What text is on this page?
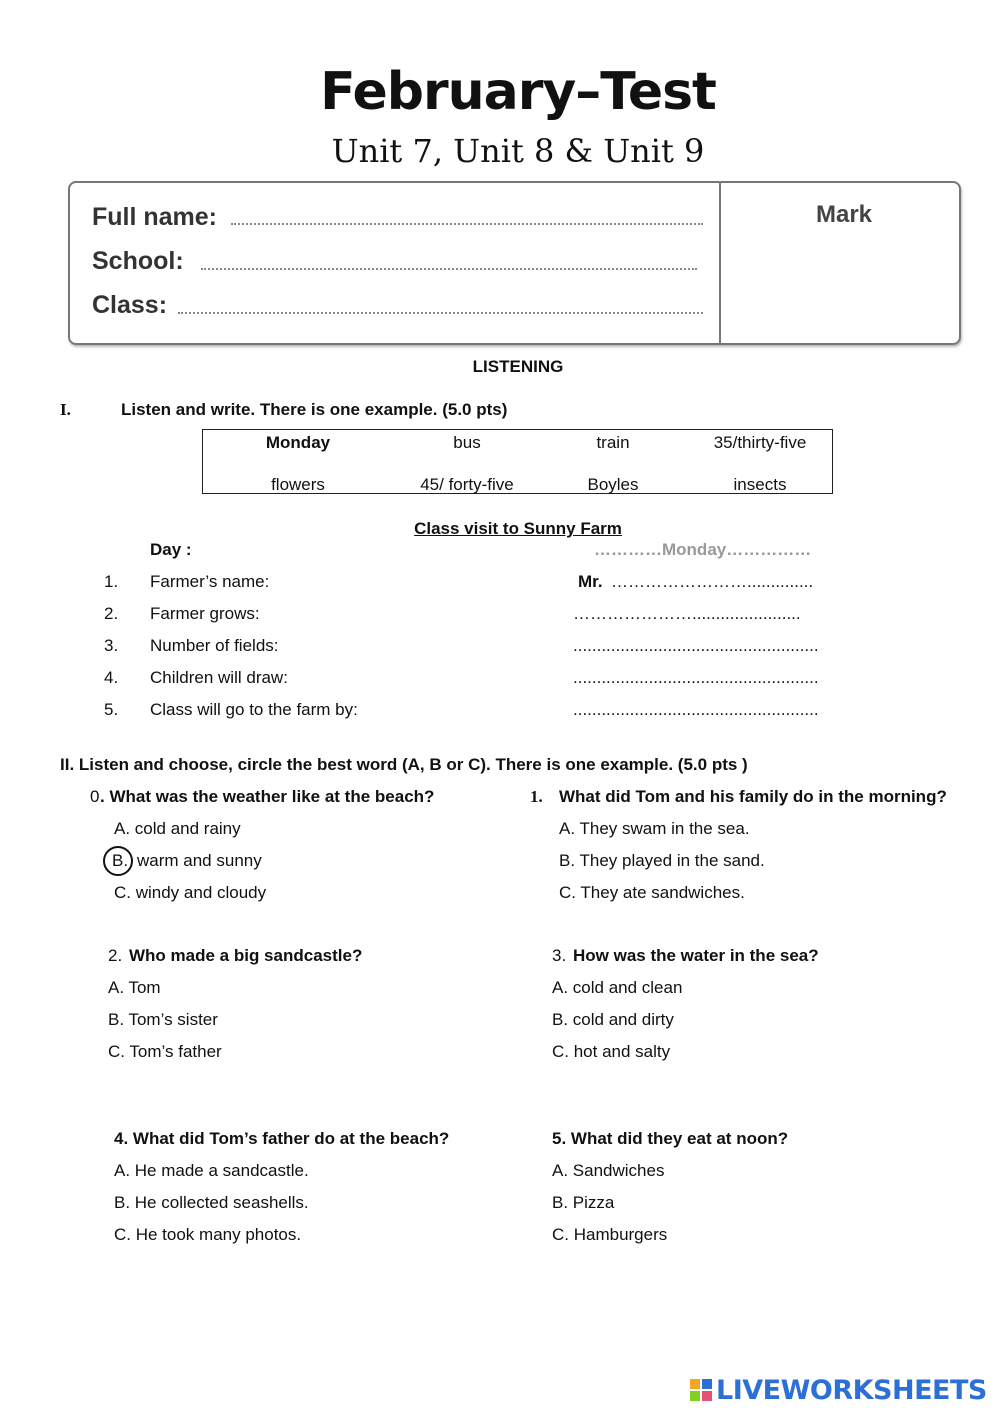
February–Test
Unit 7, Unit 8 & Unit 9
Full name:
School:
Class:
Mark
LISTENING
I.	Listen and write. There is one example. (5.0 pts)
Monday	bus	train	35/thirty-five
flowers	45/ forty-five	Boyles	insects
Class visit to Sunny Farm
Day :	…………Monday……………
1. Farmer’s name:	Mr. ……………………..............
2. Farmer grows:	………………….......................
3. Number of fields:	....................................................
4. Children will draw:	....................................................
5. Class will go to the farm by:	....................................................
II. Listen and choose, circle the best word (A, B or C). There is one example. (5.0 pts )
0 . What was the weather like at the beach?
A. cold and rainy
B. warm and sunny
C. windy and cloudy
1. What did Tom and his family do in the morning?
A. They swam in the sea.
B. They played in the sand.
C. They ate sandwiches.
2. Who made a big sandcastle?
A. Tom
B. Tom’s sister
C. Tom’s father
3. How was the water in the sea?
A. cold and clean
B. cold and dirty
C. hot and salty
4. What did Tom’s father do at the beach?
A. He made a sandcastle.
B. He collected seashells.
C. He took many photos.
5. What did they eat at noon?
A. Sandwiches
B. Pizza
C. Hamburgers
LIVEWORKSHEETS
